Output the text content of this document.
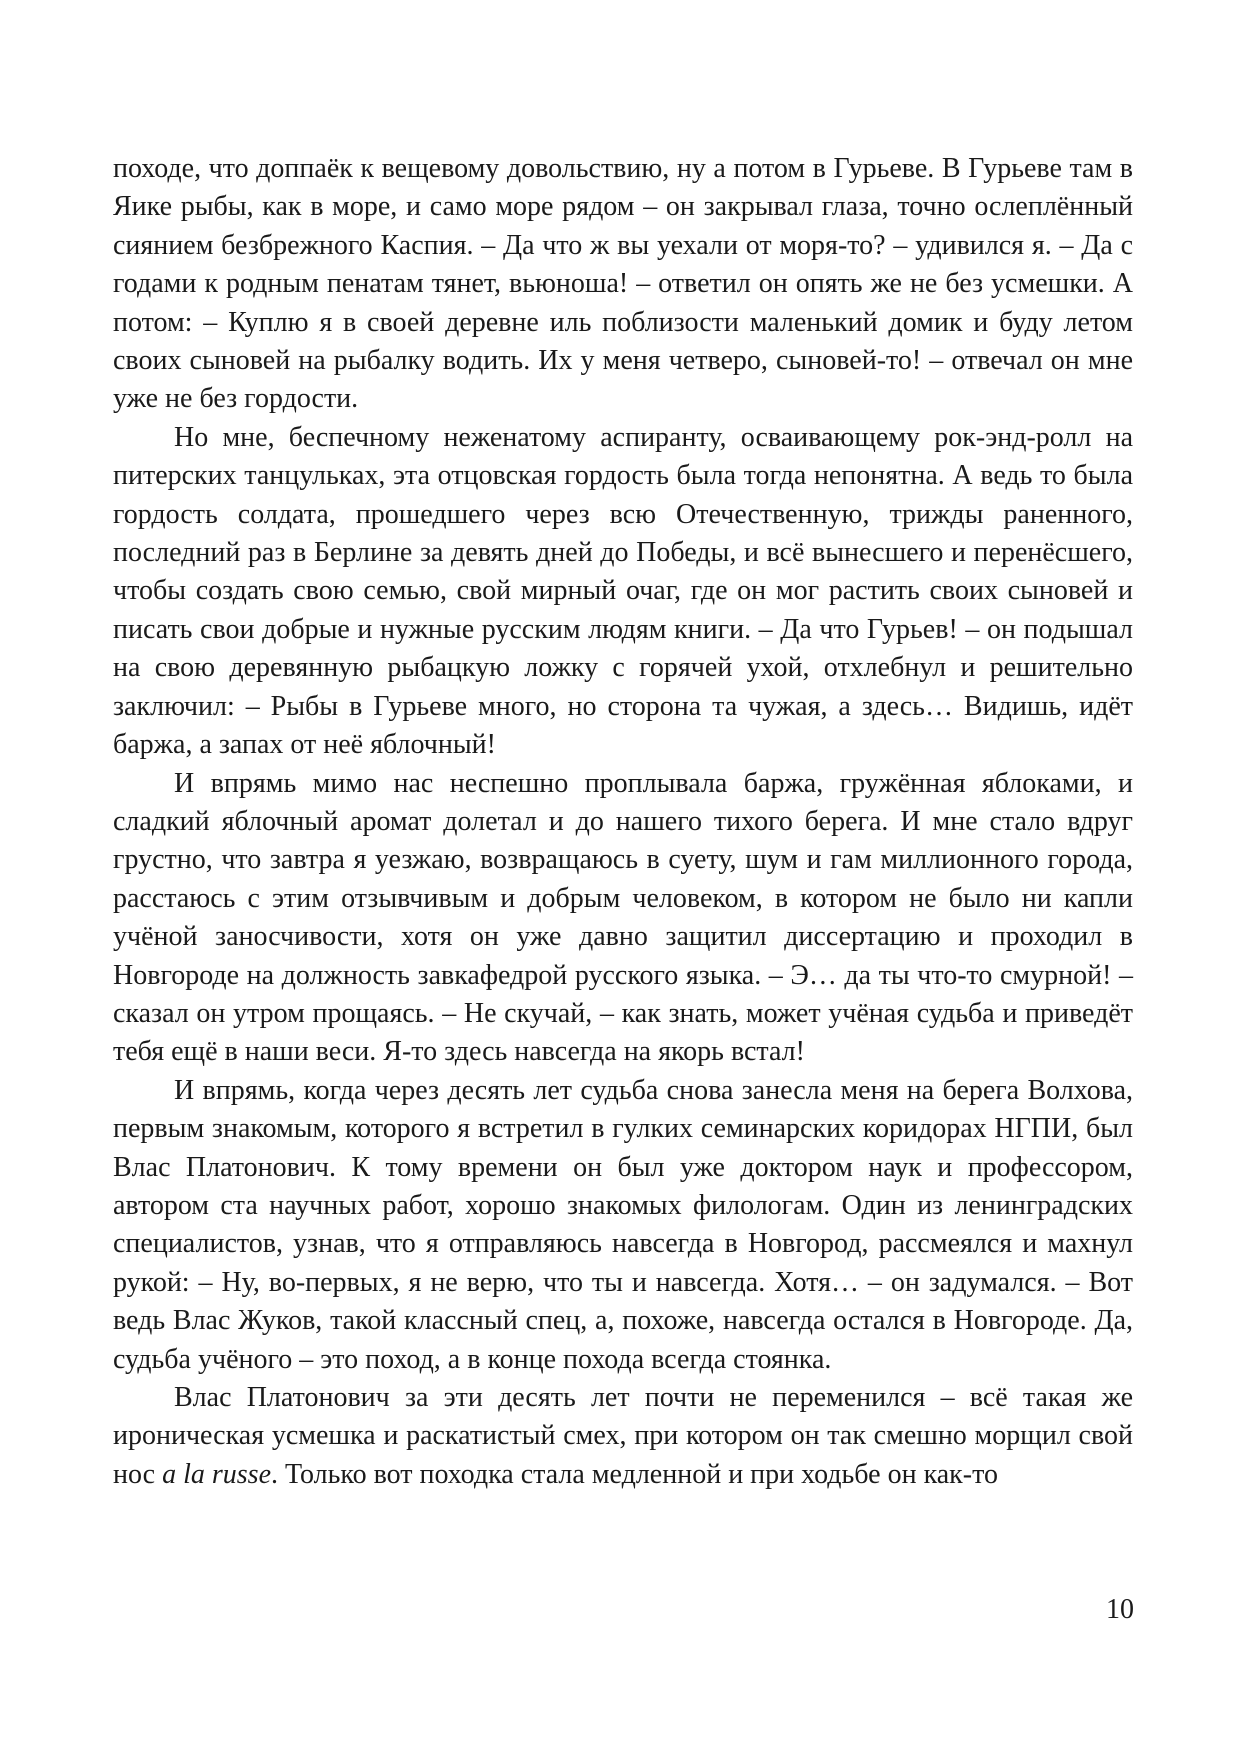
походе, что доппаёк к вещевому довольствию, ну а потом в Гурьеве. В Гурьеве там в Яике рыбы, как в море, и само море рядом – он закрывал глаза, точно ослеплённый сиянием безбрежного Каспия. – Да что ж вы уехали от моря-то? – удивился я. – Да с годами к родным пенатам тянет, вьюноша! – ответил он опять же не без усмешки. А потом: – Куплю я в своей деревне иль поблизости маленький домик и буду летом своих сыновей на рыбалку водить. Их у меня четверо, сыновей-то! – отвечал он мне уже не без гордости.

Но мне, беспечному неженатому аспиранту, осваивающему рок-энд-ролл на питерских танцульках, эта отцовская гордость была тогда непонятна. А ведь то была гордость солдата, прошедшего через всю Отечественную, трижды раненного, последний раз в Берлине за девять дней до Победы, и всё вынесшего и перенёсшего, чтобы создать свою семью, свой мирный очаг, где он мог растить своих сыновей и писать свои добрые и нужные русским людям книги. – Да что Гурьев! – он подышал на свою деревянную рыбацкую ложку с горячей ухой, отхлебнул и решительно заключил: – Рыбы в Гурьеве много, но сторона та чужая, а здесь… Видишь, идёт баржа, а запах от неё яблочный!

И впрямь мимо нас неспешно проплывала баржа, гружённая яблоками, и сладкий яблочный аромат долетал и до нашего тихого берега. И мне стало вдруг грустно, что завтра я уезжаю, возвращаюсь в суету, шум и гам миллионного города, расстаюсь с этим отзывчивым и добрым человеком, в котором не было ни капли учёной заносчивости, хотя он уже давно защитил диссертацию и проходил в Новгороде на должность завкафедрой русского языка. – Э… да ты что-то смурной! – сказал он утром прощаясь. – Не скучай, – как знать, может учёная судьба и приведёт тебя ещё в наши веси. Я-то здесь навсегда на якорь встал!

И впрямь, когда через десять лет судьба снова занесла меня на берега Волхова, первым знакомым, которого я встретил в гулких семинарских коридорах НГПИ, был Влас Платонович. К тому времени он был уже доктором наук и профессором, автором ста научных работ, хорошо знакомых филологам. Один из ленинградских специалистов, узнав, что я отправляюсь навсегда в Новгород, рассмеялся и махнул рукой: – Ну, во-первых, я не верю, что ты и навсегда. Хотя… – он задумался. – Вот ведь Влас Жуков, такой классный спец, а, похоже, навсегда остался в Новгороде. Да, судьба учёного – это поход, а в конце похода всегда стоянка.

Влас Платонович за эти десять лет почти не переменился – всё такая же ироническая усмешка и раскатистый смех, при котором он так смешно морщил свой нос a la russe. Только вот походка стала медленной и при ходьбе он как-то

10
